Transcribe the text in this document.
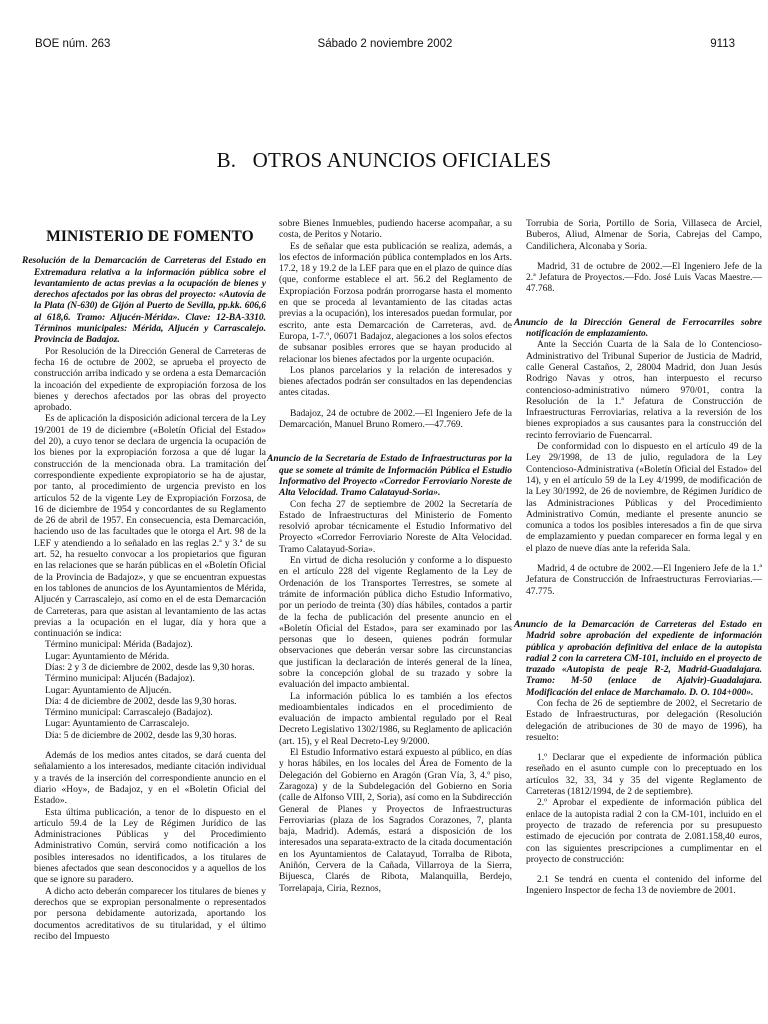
BOE núm. 263	Sábado 2 noviembre 2002	9113
B.   OTROS ANUNCIOS OFICIALES
MINISTERIO DE FOMENTO

Resolución de la Demarcación de Carreteras del Estado en Extremadura relativa a la información pública sobre el levantamiento de actas previas a la ocupación de bienes y derechos afectados por las obras del proyecto: «Autovía de la Plata (N-630) de Gijón al Puerto de Sevilla, pp.kk. 606,6 al 618,6. Tramo: Aljucén-Mérida». Clave: 12-BA-3310. Términos municipales: Mérida, Aljucén y Carrascalejo. Provincia de Badajoz.

Por Resolución de la Dirección General de Carreteras de fecha 16 de octubre de 2002, se aprueba el proyecto de construcción arriba indicado y se ordena a esta Demarcación la incoación del expediente de expropiación forzosa de los bienes y derechos afectados por las obras del proyecto aprobado.

Es de aplicación la disposición adicional tercera de la Ley 19/2001 de 19 de diciembre («Boletín Oficial del Estado» del 20), a cuyo tenor se declara de urgencia la ocupación de los bienes por la expropiación forzosa a que dé lugar la construcción de la mencionada obra. La tramitación del correspondiente expediente expropiatorio se ha de ajustar, por tanto, al procedimiento de urgencia previsto en los artículos 52 de la vigente Ley de Expropiación Forzosa, de 16 de diciembre de 1954 y concordantes de su Reglamento de 26 de abril de 1957. En consecuencia, esta Demarcación, haciendo uso de las facultades que le otorga el Art. 98 de la LEF y atendiendo a lo señalado en las reglas 2.ª y 3.ª de su art. 52, ha resuelto convocar a los propietarios que figuran en las relaciones que se harán públicas en el «Boletín Oficial de la Provincia de Badajoz», y que se encuentran expuestas en los tablones de anuncios de los Ayuntamientos de Mérida, Aljucén y Carrascalejo, así como en el de esta Demarcación de Carreteras, para que asistan al levantamiento de las actas previas a la ocupación en el lugar, día y hora que a continuación se indica:

Término municipal: Mérida (Badajoz).

Lugar: Ayuntamiento de Mérida.

Días: 2 y 3 de diciembre de 2002, desde las 9,30 horas.

Término municipal: Aljucén (Badajoz).

Lugar: Ayuntamiento de Aljucén.

Día: 4 de diciembre de 2002, desde las 9,30 horas.

Término municipal: Carrascalejo (Badajoz).

Lugar: Ayuntamiento de Carrascalejo.

Día: 5 de diciembre de 2002, desde las 9,30 horas.

Además de los medios antes citados, se dará cuenta del señalamiento a los interesados, mediante citación individual y a través de la inserción del correspondiente anuncio en el diario «Hoy», de Badajoz, y en el «Boletín Oficial del Estado».

Esta última publicación, a tenor de lo dispuesto en el artículo 59.4 de la Ley de Régimen Jurídico de las Administraciones Públicas y del Procedimiento Administrativo Común, servirá como notificación a los posibles interesados no identificados, a los titulares de bienes afectados que sean desconocidos y a aquellos de los que se ignore su paradero.

A dicho acto deberán comparecer los titulares de bienes y derechos que se expropian personalmente o representados por persona debidamente autorizada, aportando los documentos acreditativos de su titularidad, y el último recibo del Impuesto

sobre Bienes Inmuebles, pudiendo hacerse acompañar, a su costa, de Peritos y Notario.

Es de señalar que esta publicación se realiza, además, a los efectos de información pública contemplados en los Arts. 17.2, 18 y 19.2 de la LEF para que en el plazo de quince días (que, conforme establece el art. 56.2 del Reglamento de Expropiación Forzosa podrán prorrogarse hasta el momento en que se proceda al levantamiento de las citadas actas previas a la ocupación), los interesados puedan formular, por escrito, ante esta Demarcación de Carreteras, avd. de Europa, 1-7.º, 06071 Badajoz, alegaciones a los solos efectos de subsanar posibles errores que se hayan producido al relacionar los bienes afectados por la urgente ocupación.

Los planos parcelarios y la relación de interesados y bienes afectados podrán ser consultados en las dependencias antes citadas.

Badajoz, 24 de octubre de 2002.—El Ingeniero Jefe de la Demarcación, Manuel Bruno Romero.—47.769.

Anuncio de la Secretaría de Estado de Infraestructuras por la que se somete al trámite de Información Pública el Estudio Informativo del Proyecto «Corredor Ferroviario Noreste de Alta Velocidad. Tramo Calatayud-Soria».

Con fecha 27 de septiembre de 2002 la Secretaría de Estado de Infraestructuras del Ministerio de Fomento resolvió aprobar técnicamente el Estudio Informativo del Proyecto «Corredor Ferroviario Noreste de Alta Velocidad. Tramo Calatayud-Soria».

En virtud de dicha resolución y conforme a lo dispuesto en el artículo 228 del vigente Reglamento de la Ley de Ordenación de los Transportes Terrestres, se somete al trámite de información pública dicho Estudio Informativo, por un periodo de treinta (30) días hábiles, contados a partir de la fecha de publicación del presente anuncio en el «Boletín Oficial del Estado», para ser examinado por las personas que lo deseen, quienes podrán formular observaciones que deberán versar sobre las circunstancias que justifican la declaración de interés general de la línea, sobre la concepción global de su trazado y sobre la evaluación del impacto ambiental.

La información pública lo es también a los efectos medioambientales indicados en el procedimiento de evaluación de impacto ambiental regulado por el Real Decreto Legislativo 1302/1986, su Reglamento de aplicación (art. 15), y el Real Decreto-Ley 9/2000.

El Estudio Informativo estará expuesto al público, en días y horas hábiles, en los locales del Área de Fomento de la Delegación del Gobierno en Aragón (Gran Vía, 3, 4.º piso, Zaragoza) y de la Subdelegación del Gobierno en Soria (calle de Alfonso VIII, 2, Soria), así como en la Subdirección General de Planes y Proyectos de Infraestructuras Ferroviarias (plaza de los Sagrados Corazones, 7, planta baja, Madrid). Además, estará a disposición de los interesados una separata-extracto de la citada documentación en los Ayuntamientos de Calatayud, Torralba de Ribota, Aniñón, Cervera de la Cañada, Villarroya de la Sierra, Bijuesca, Clarés de Ribota, Malanquilla, Berdejo, Torrelapaja, Ciria, Reznos,

Torrubia de Soria, Portillo de Soria, Villaseca de Arciel, Buberos, Aliud, Almenar de Soria, Cabrejas del Campo, Candilichera, Alconaba y Soria.

Madrid, 31 de octubre de 2002.—El Ingeniero Jefe de la 2.ª Jefatura de Proyectos.—Fdo. José Luis Vacas Maestre.—47.768.

Anuncio de la Dirección General de Ferrocarriles sobre notificación de emplazamiento.

Ante la Sección Cuarta de la Sala de lo Contencioso-Administrativo del Tribunal Superior de Justicia de Madrid, calle General Castaños, 2, 28004 Madrid, don Juan Jesús Rodrigo Navas y otros, han interpuesto el recurso contencioso-administrativo número 970/01, contra la Resolución de la 1.ª Jefatura de Construcción de Infraestructuras Ferroviarias, relativa a la reversión de los bienes expropiados a sus causantes para la construcción del recinto ferroviario de Fuencarral.

De conformidad con lo dispuesto en el artículo 49 de la Ley 29/1998, de 13 de julio, reguladora de la Ley Contencioso-Administrativa («Boletín Oficial del Estado» del 14), y en el artículo 59 de la Ley 4/1999, de modificación de la Ley 30/1992, de 26 de noviembre, de Régimen Jurídico de las Administraciones Públicas y del Procedimiento Administrativo Común, mediante el presente anuncio se comunica a todos los posibles interesados a fin de que sirva de emplazamiento y puedan comparecer en forma legal y en el plazo de nueve días ante la referida Sala.

Madrid, 4 de octubre de 2002.—El Ingeniero Jefe de la 1.ª Jefatura de Construcción de Infraestructuras Ferroviarias.—47.775.

Anuncio de la Demarcación de Carreteras del Estado en Madrid sobre aprobación del expediente de información pública y aprobación definitiva del enlace de la autopista radial 2 con la carretera CM-101, incluido en el proyecto de trazado «Autopista de peaje R-2, Madrid-Guadalajara. Tramo: M-50 (enlace de Ajalvir)-Guadalajara. Modificación del enlace de Marchamalo. D. O. 104+000».

Con fecha de 26 de septiembre de 2002, el Secretario de Estado de Infraestructuras, por delegación (Resolución delegación de atribuciones de 30 de mayo de 1996), ha resuelto:

1.º Declarar que el expediente de información pública reseñado en el asunto cumple con lo preceptuado en los artículos 32, 33, 34 y 35 del vigente Reglamento de Carreteras (1812/1994, de 2 de septiembre).

2.º Aprobar el expediente de información pública del enlace de la autopista radial 2 con la CM-101, incluido en el proyecto de trazado de referencia por su presupuesto estimado de ejecución por contrata de 2.081.158,40 euros, con las siguientes prescripciones a cumplimentar en el proyecto de construcción:

2.1 Se tendrá en cuenta el contenido del informe del Ingeniero Inspector de fecha 13 de noviembre de 2001.
